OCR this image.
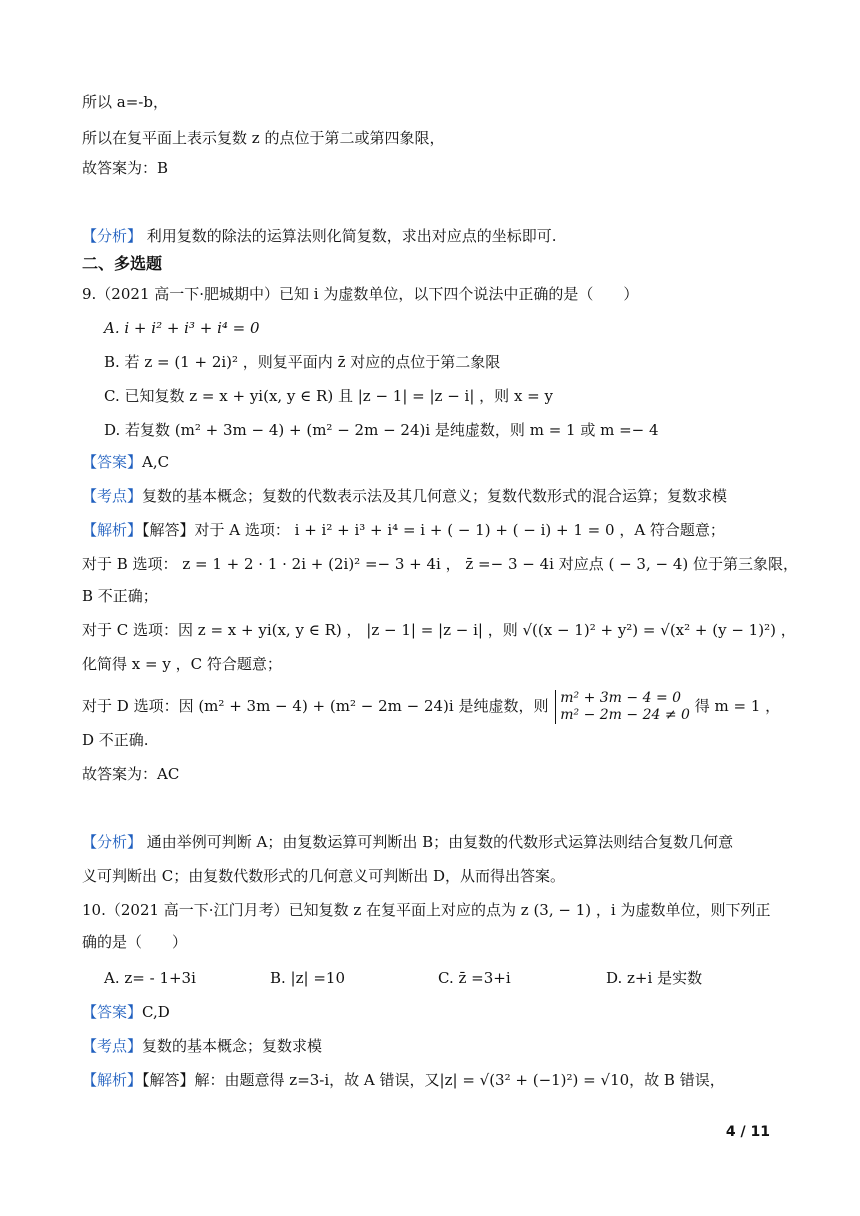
所以 a=-b，
所以在复平面上表示复数 z 的点位于第二或第四象限，
故答案为：B
【分析】 利用复数的除法的运算法则化简复数，求出对应点的坐标即可.
二、多选题
9.（2021 高一下·肥城期中）已知 i 为虚数单位，以下四个说法中正确的是（　　）
A. i + i² + i³ + i⁴ = 0
B. 若 z = (1 + 2i)² ，则复平面内 z̄ 对应的点位于第二象限
C. 已知复数 z = x + yi(x, y ∈ R) 且 |z − 1| = |z − i| ，则 x = y
D. 若复数 (m² + 3m − 4) + (m² − 2m − 24)i 是纯虚数，则 m = 1 或 m =− 4
【答案】A,C
【考点】复数的基本概念；复数的代数表示法及其几何意义；复数代数形式的混合运算；复数求模
【解析】【解答】对于 A 选项： i + i² + i³ + i⁴ = i + ( − 1) + ( − i) + 1 = 0 ，A 符合题意；
对于 B 选项： z = 1 + 2 · 1 · 2i + (2i)² =− 3 + 4i ， z̄ =− 3 − 4i 对应点 ( − 3, − 4) 位于第三象限，
B 不正确；
对于 C 选项：因 z = x + yi(x, y ∈ R) ， |z − 1| = |z − i| ，则 √((x − 1)² + y²) = √(x² + (y − 1)²) ，
化简得 x = y ，C 符合题意；
对于 D 选项：因 (m² + 3m − 4) + (m² − 2m − 24)i 是纯虚数，则 m² + 3m − 4 = 0
m² − 2m − 24 ≠ 0 得 m = 1 ，
D 不正确.
故答案为：AC
【分析】 通由举例可判断 A；由复数运算可判断出 B；由复数的代数形式运算法则结合复数几何意
义可判断出 C；由复数代数形式的几何意义可判断出 D，从而得出答案。
10.（2021 高一下·江门月考）已知复数 z 在复平面上对应的点为 z (3, − 1) ，i 为虚数单位，则下列正
确的是（　　）
A. z= - 1+3i	B. |z| =10	C. z̄ =3+i	D. z+i 是实数
【答案】C,D
【考点】复数的基本概念；复数求模
【解析】【解答】解：由题意得 z=3-i，故 A 错误，又|z| = √(3² + (−1)²) = √10，故 B 错误，
4 / 11
